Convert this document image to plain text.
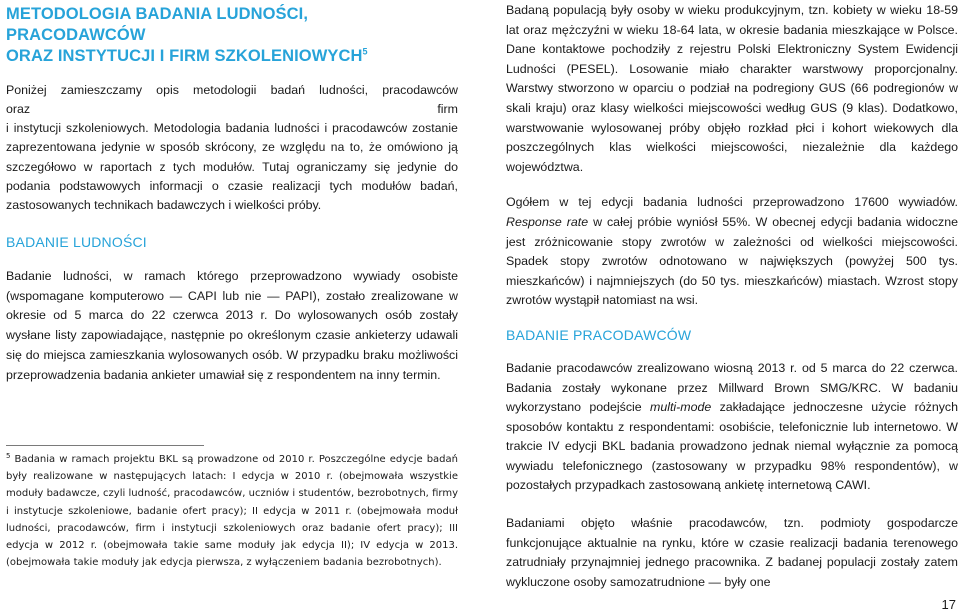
METODOLOGIA BADANIA LUDNOŚCI,
PRACODAWCÓW
ORAZ INSTYTUCJI I FIRM SZKOLENIOWYCH$^5$

Poniżej zamieszczamy opis metodologii badań ludności, pracodawców

oraz	firm

i instytucji szkoleniowych. Metodologia badania ludności i pracodawców zostanie zaprezentowana jedynie w sposób skrócony, ze względu na to, że omówiono ją szczegółowo w raportach z tych modułów. Tutaj ograniczamy się jedynie do podania podstawowych informacji o czasie realizacji tych modułów badań, zastosowanych technikach badawczych i wielkości próby.

BADANIE LUDNOŚCI

Badanie ludności, w ramach którego przeprowadzono wywiady osobiste (wspomagane komputerowo — CAPI lub nie — PAPI), zostało zrealizowane w okresie od 5 marca do 22 czerwca 2013 r. Do wylosowanych osób zostały wysłane listy zapowiadające, następnie po określonym czasie ankieterzy udawali się do miejsca zamieszkania wylosowanych osób. W przypadku braku możliwości przeprowadzenia badania ankieter umawiał się z respondentem na inny termin.

$^5$ Badania w ramach projektu BKL są prowadzone od 2010 r. Poszczególne edycje badań były realizowane w następujących latach: I edycja w 2010 r. (obejmowała wszystkie moduły badawcze, czyli ludność, pracodawców, uczniów i studentów, bezrobotnych, firmy i instytucje szkoleniowe, badanie ofert pracy); II edycja w 2011 r. (obejmowała moduł ludności, pracodawców, firm i instytucji szkoleniowych oraz badanie ofert pracy); III edycja w 2012 r. (obejmowała takie same moduły jak edycja II); IV edycja w 2013. (obejmowała takie moduły jak edycja pierwsza, z wyłączeniem badania bezrobotnych).

Badaną populacją były osoby w wieku produkcyjnym, tzn. kobiety w wieku 18-59 lat oraz mężczyźni w wieku 18-64 lata, w okresie badania mieszkające w Polsce. Dane kontaktowe pochodziły z rejestru Polski Elektroniczny System Ewidencji Ludności (PESEL). Losowanie miało charakter warstwowy proporcjonalny. Warstwy stworzono w oparciu o podział na podregiony GUS (66 podregionów w skali kraju) oraz klasy wielkości miejscowości według GUS (9 klas). Dodatkowo, warstwowanie wylosowanej próby objęło rozkład płci i kohort wiekowych dla poszczególnych klas wielkości miejscowości, niezależnie dla każdego województwa.

Ogółem w tej edycji badania ludności przeprowadzono 17600 wywiadów. Response rate w całej próbie wyniósł 55%. W obecnej edycji badania widoczne jest zróżnicowanie stopy zwrotów w zależności od wielkości miejscowości. Spadek stopy zwrotów odnotowano w największych (powyżej 500 tys. mieszkańców) i najmniejszych (do 50 tys. mieszkańców) miastach. Wzrost stopy zwrotów wystąpił natomiast na wsi.

BADANIE PRACODAWCÓW

Badanie pracodawców zrealizowano wiosną 2013 r. od 5 marca do 22 czerwca. Badania zostały wykonane przez Millward Brown SMG/KRC. W badaniu wykorzystano podejście multi-mode zakładające jednoczesne użycie różnych sposobów kontaktu z respondentami: osobiście, telefonicznie lub internetowo. W trakcie IV edycji BKL badania prowadzono jednak niemal wyłącznie za pomocą wywiadu telefonicznego (zastosowany w przypadku 98% respondentów), w pozostałych przypadkach zastosowaną ankietę internetową CAWI.

Badaniami objęto właśnie pracodawców, tzn. podmioty gospodarcze funkcjonujące aktualnie na rynku, które w czasie realizacji badania terenowego zatrudniały przynajmniej jednego pracownika. Z badanej populacji zostały zatem wykluczone osoby samozatrudnione — były one

17
